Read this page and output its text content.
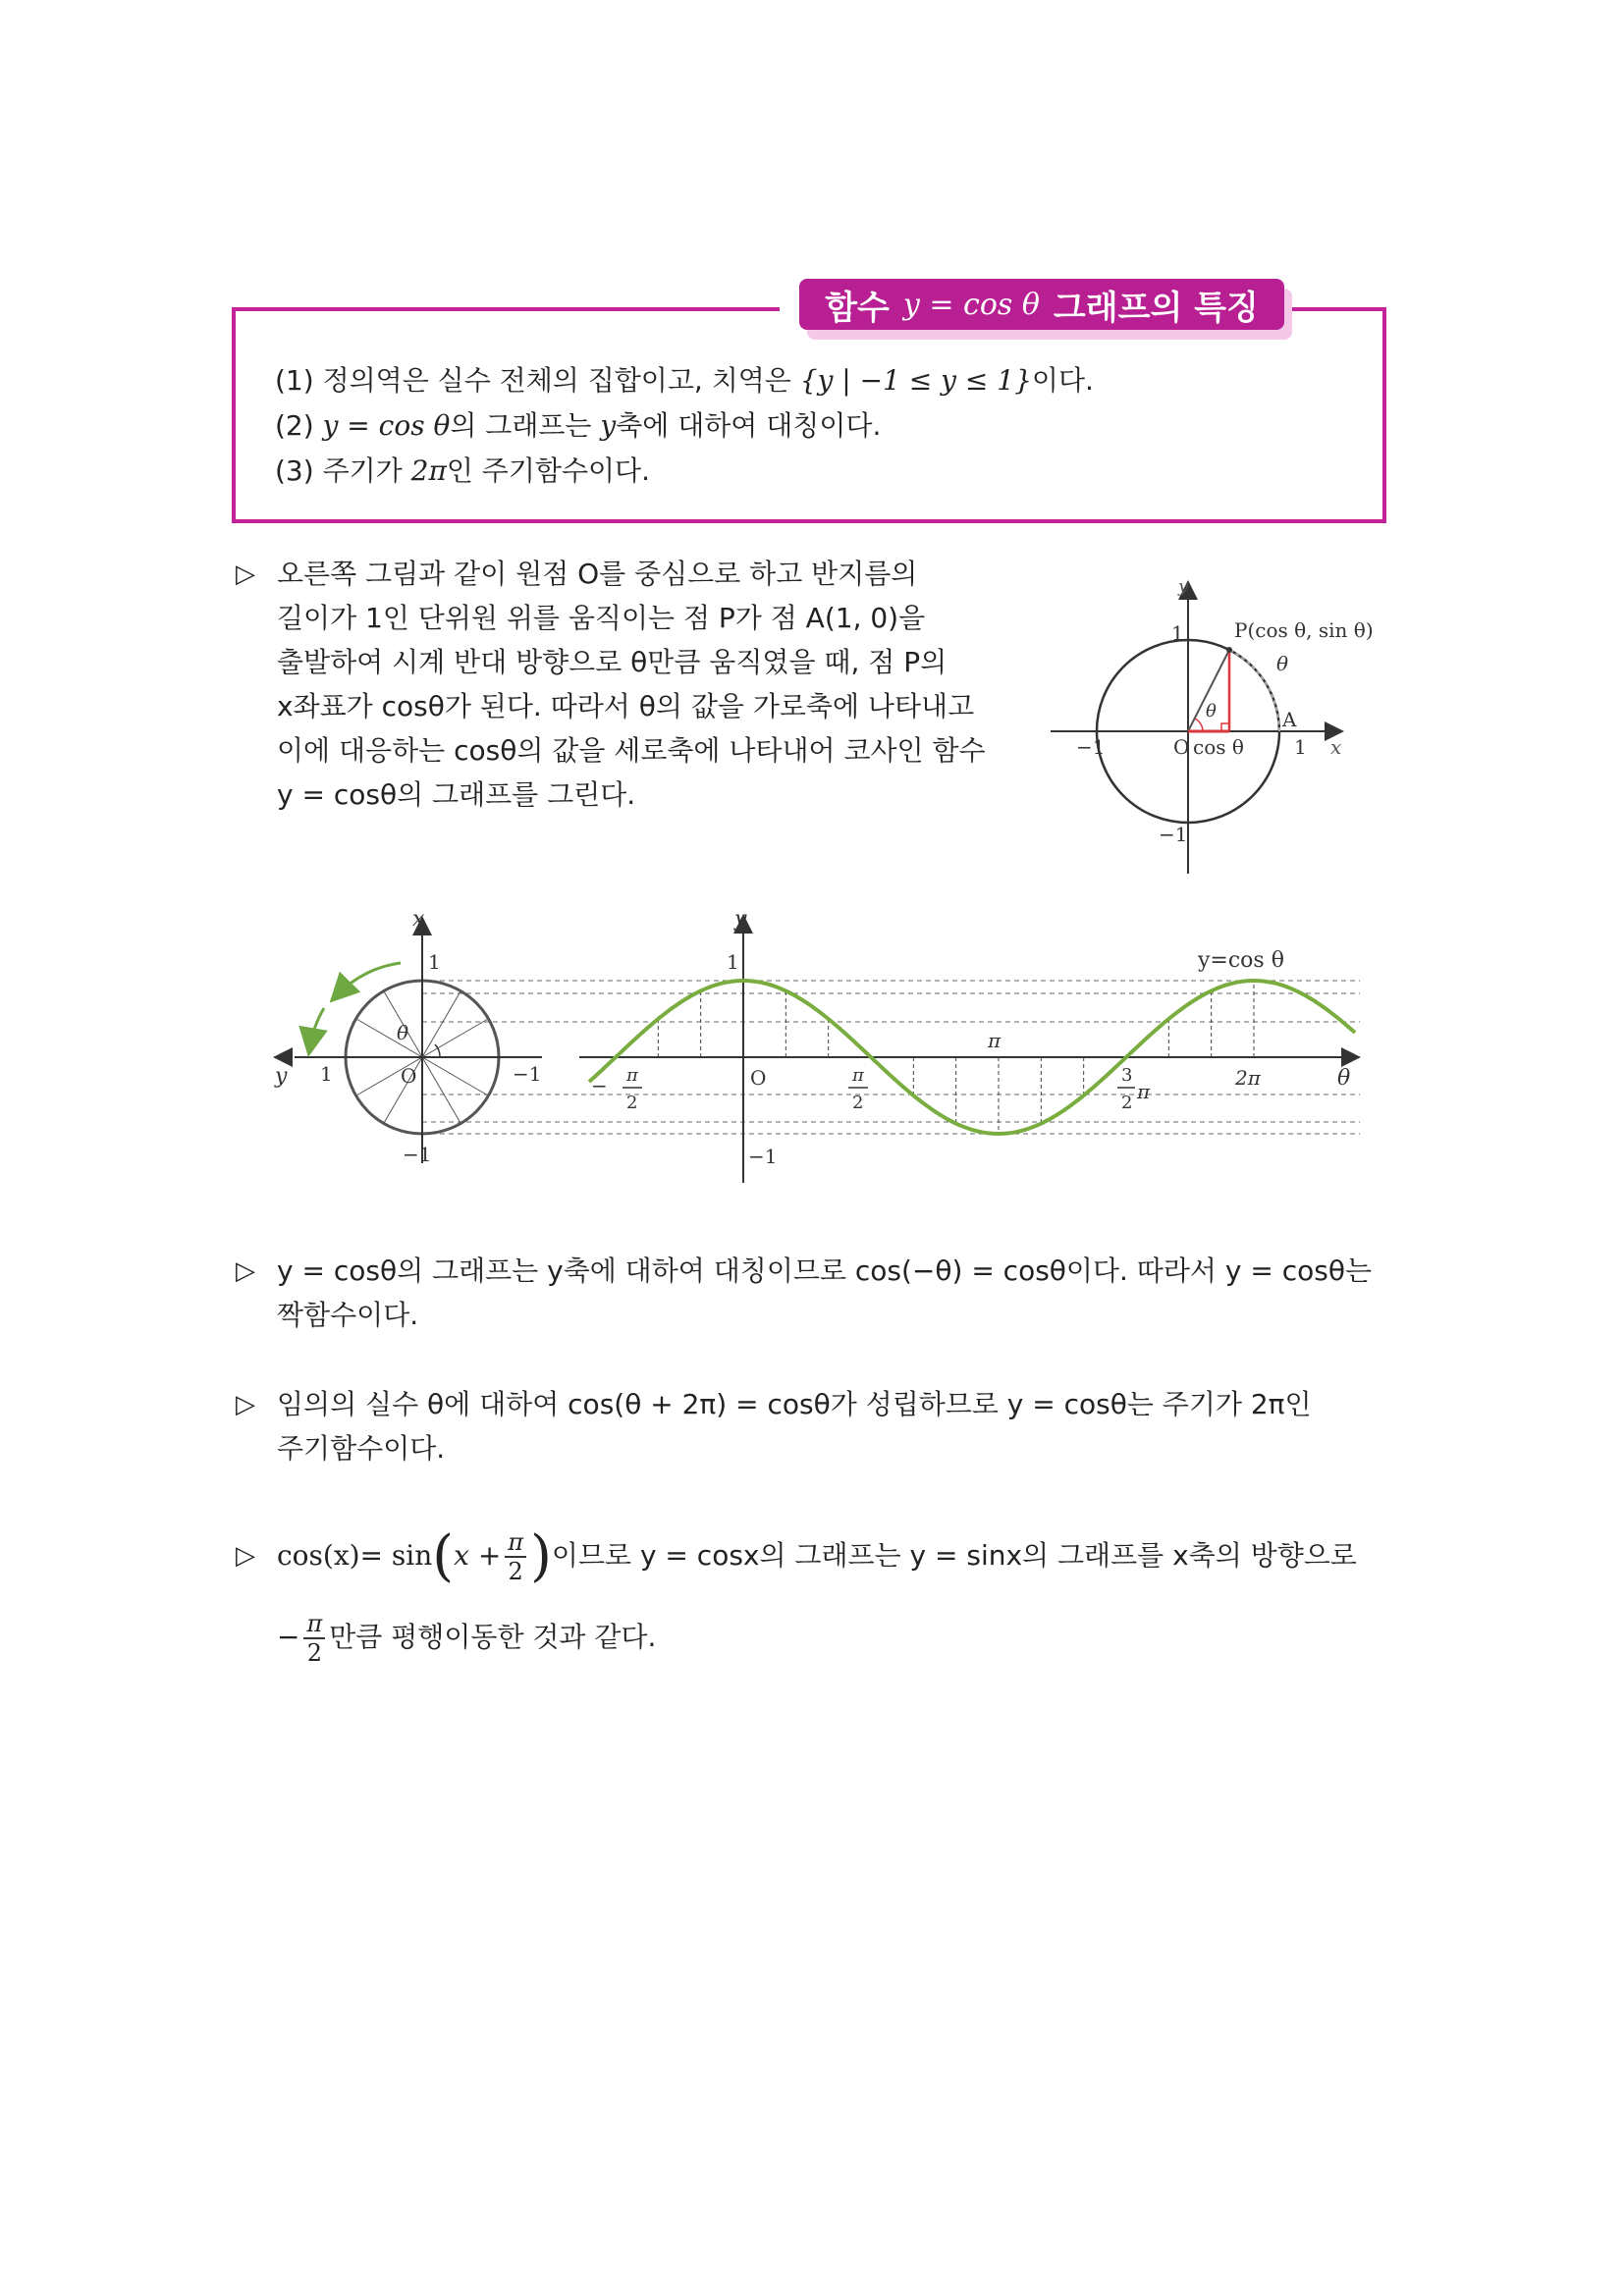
함수 y = cos θ 그래프의 특징
(1) 정의역은 실수 전체의 집합이고, 치역은 {y | −1 ≤ y ≤ 1}이다.
(2) y = cos θ의 그래프는 y축에 대하여 대칭이다.
(3) 주기가 2π인 주기함수이다.
▷ 오른쪽 그림과 같이 원점 O를 중심으로 하고 반지름의
길이가 1인 단위원 위를 움직이는 점 P가 점 A(1, 0)을
출발하여 시계 반대 방향으로 θ만큼 움직였을 때, 점 P의
x좌표가 cosθ가 된다. 따라서 θ의 값을 가로축에 나타내고
이에 대응하는 cosθ의 값을 세로축에 나타내어 코사인 함수
y = cosθ의 그래프를 그린다.
y
x
1
1
−1
−1
O cos θ
A
P(cos θ, sin θ)
θ
θ
x
y
1
−1
1	−1
O
θ
y
θ
1
−1
O
y=cos θ
− π
2
π
2
π
3
2 π
2π
▷ y = cosθ의 그래프는 y축에 대하여 대칭이므로 cos(−θ) = cosθ이다. 따라서 y = cosθ는
짝함수이다.
▷ 임의의 실수 θ에 대하여 cos(θ + 2π) = cosθ가 성립하므로 y = cosθ는 주기가 2π인
주기함수이다.
▷ $\cos(x)= \sin(x + \frac{\pi}{2}$ )이므로 y = cosx의 그래프는 y = sinx의 그래프를 x축의 방향으로
− $\frac{\pi}{2}$ 만큼 평행이동한 것과 같다.
